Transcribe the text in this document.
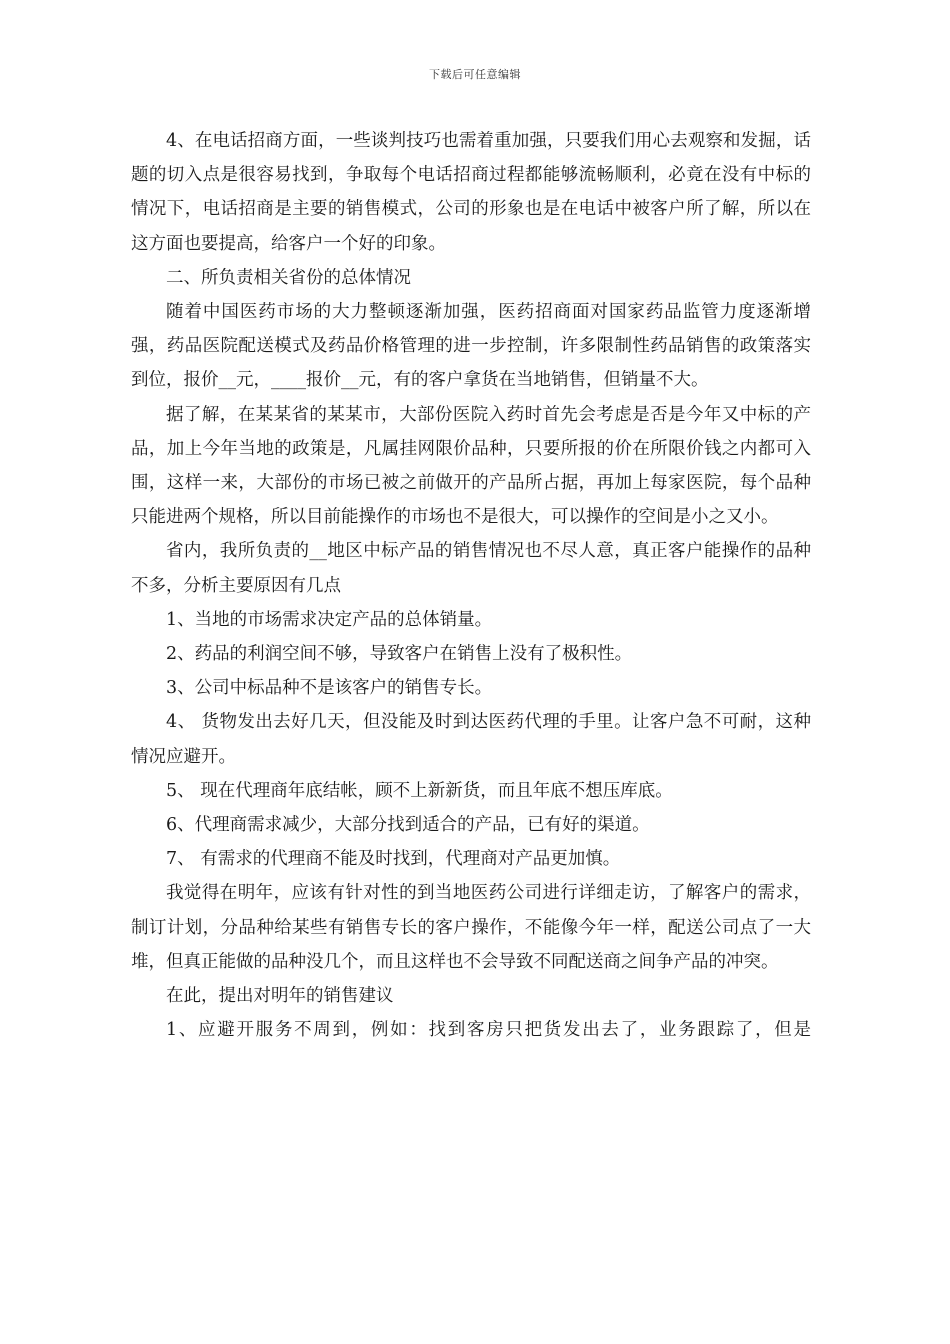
下载后可任意编辑

4、在电话招商方面，一些谈判技巧也需着重加强，只要我们用心去观察和发掘，话题的切入点是很容易找到，争取每个电话招商过程都能够流畅顺利，必竟在没有中标的情况下，电话招商是主要的销售模式，公司的形象也是在电话中被客户所了解，所以在这方面也要提高，给客户一个好的印象。

二、所负责相关省份的总体情况

随着中国医药市场的大力整顿逐渐加强，医药招商面对国家药品监管力度逐渐增强，药品医院配送模式及药品价格管理的进一步控制，许多限制性药品销售的政策落实到位，报价__元，____报价__元，有的客户拿货在当地销售，但销量不大。

据了解，在某某省的某某市，大部份医院入药时首先会考虑是否是今年又中标的产品，加上今年当地的政策是，凡属挂网限价品种，只要所报的价在所限价钱之内都可入围，这样一来，大部份的市场已被之前做开的产品所占据，再加上每家医院，每个品种只能进两个规格，所以目前能操作的市场也不是很大，可以操作的空间是小之又小。

省内，我所负责的__地区中标产品的销售情况也不尽人意，真正客户能操作的品种不多，分析主要原因有几点

1、当地的市场需求决定产品的总体销量。

2、药品的利润空间不够，导致客户在销售上没有了极积性。

3、公司中标品种不是该客户的销售专长。

4、 货物发出去好几天，但没能及时到达医药代理的手里。让客户急不可耐，这种情况应避开。

5、 现在代理商年底结帐，顾不上新新货，而且年底不想压库底。

6、代理商需求减少，大部分找到适合的产品，已有好的渠道。

7、 有需求的代理商不能及时找到，代理商对产品更加慎。

我觉得在明年，应该有针对性的到当地医药公司进行详细走访，了解客户的需求，制订计划，分品种给某些有销售专长的客户操作，不能像今年一样，配送公司点了一大堆，但真正能做的品种没几个，而且这样也不会导致不同配送商之间争产品的冲突。

在此，提出对明年的销售建议

1、应避开服务不周到，例如：找到客房只把货发出去了，业务跟踪了，但是
